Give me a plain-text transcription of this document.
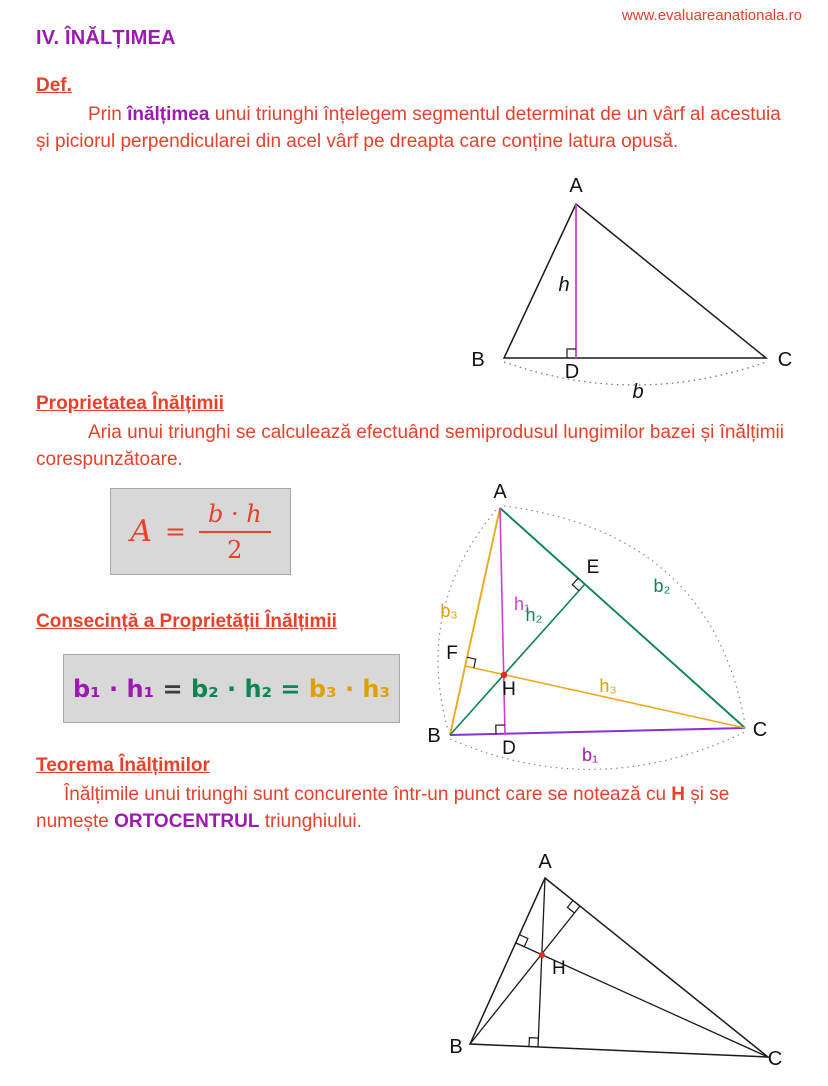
www.evaluareanationala.ro
IV. ÎNĂLȚIMEA
Def.

Prin înălțimea unui triunghi înțelegem segmentul determinat de un vârf al acestuia și piciorul perpendicularei din acel vârf pe dreapta care conține latura opusă.

A
B	C
D
h
b
Proprietatea Înălțimii

Aria unui triunghi se calculează efectuând semiprodusul lungimilor bazei și înălțimii corespunzătoare.

$A = \frac{b \cdot h}{2}$
A
B	C
D
E
F
H
h₁
h₂
h₃
b₁
b₂
b₃
Consecință a Proprietății Înălțimii
b₁ · h₁ = b₂ · h₂ = b₃ · h₃
Teorema Înălțimilor

Înălțimile unui triunghi sunt concurente într-un punct care se notează cu H și se numește ORTOCENTRUL triunghiului.

A
B
C
H
